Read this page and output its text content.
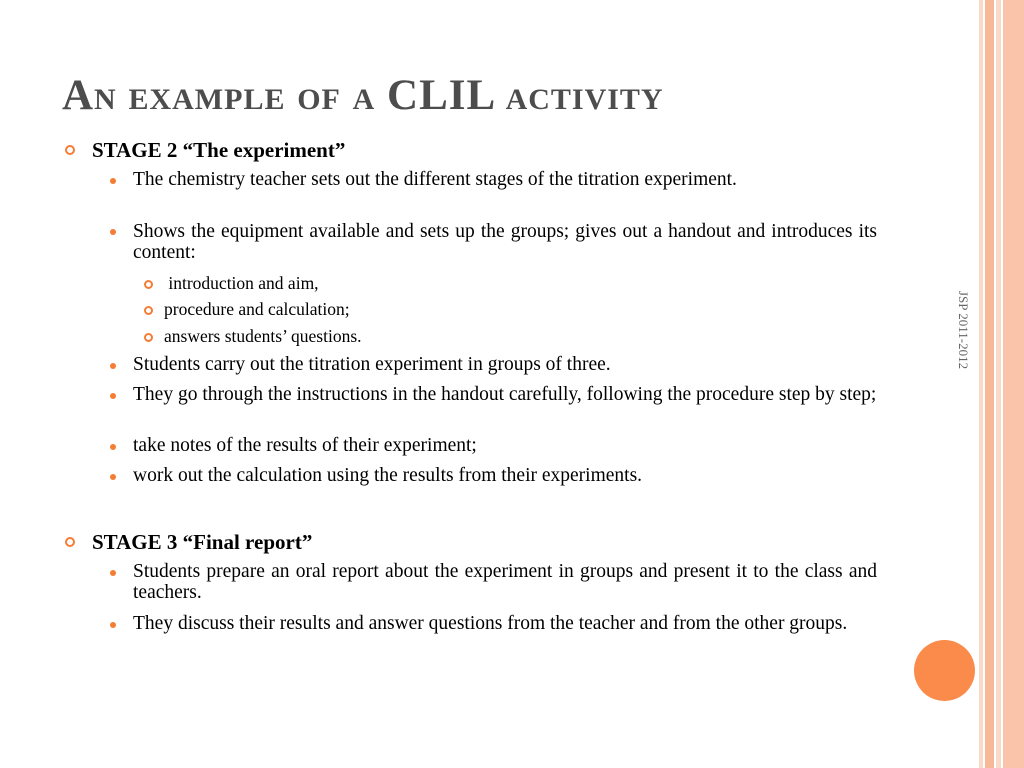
An example of a CLIL activity
JSP 2011-2012
STAGE 2 “The experiment”
The chemistry teacher sets out the different stages of the titration experiment.
Shows the equipment available and sets up the groups; gives out a handout and introduces its content:
introduction and aim,
procedure and calculation;
answers students’ questions.
Students carry out the titration experiment in groups of three.
They go through the instructions in the handout carefully, following the procedure step by step;
take notes of the results of their experiment;
work out the calculation using the results from their experiments.
STAGE 3 “Final report”
Students prepare an oral report about the experiment in groups and present it to the class and teachers.
They discuss their results and answer questions from the teacher and from the other groups.
